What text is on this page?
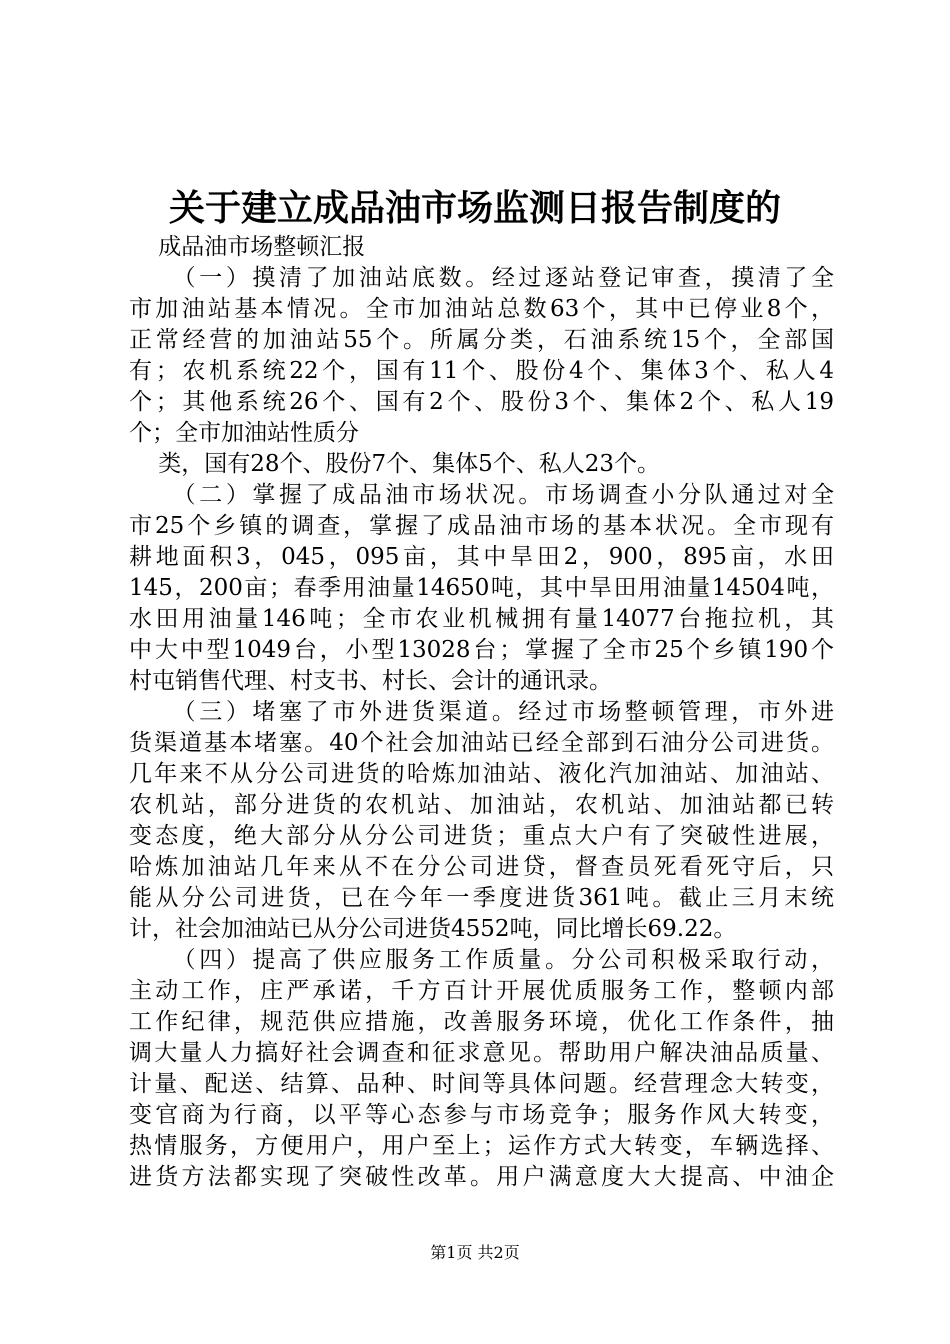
关于建立成品油市场监测日报告制度的
成品油市场整顿汇报
（一）摸清了加油站底数。经过逐站登记审查，摸清了全
市加油站基本情况。全市加油站总数63个，其中已停业8个，
正常经营的加油站55个。所属分类，石油系统15个，全部国
有；农机系统22个，国有11个、股份4个、集体3个、私人4
个；其他系统26个、国有2个、股份3个、集体2个、私人19
个；全市加油站性质分
类，国有28个、股份7个、集体5个、私人23个。
（二）掌握了成品油市场状况。市场调查小分队通过对全
市25个乡镇的调查，掌握了成品油市场的基本状况。全市现有
耕地面积3，045，095亩，其中旱田2，900，895亩，水田
145，200亩；春季用油量14650吨，其中旱田用油量14504吨，
水田用油量146吨；全市农业机械拥有量14077台拖拉机，其
中大中型1049台，小型13028台；掌握了全市25个乡镇190个
村屯销售代理、村支书、村长、会计的通讯录。
（三）堵塞了市外进货渠道。经过市场整顿管理，市外进
货渠道基本堵塞。40个社会加油站已经全部到石油分公司进货。
几年来不从分公司进货的哈炼加油站、液化汽加油站、加油站、
农机站，部分进货的农机站、加油站，农机站、加油站都已转
变态度，绝大部分从分公司进货；重点大户有了突破性进展，
哈炼加油站几年来从不在分公司进贷，督查员死看死守后，只
能从分公司进货，已在今年一季度进货361吨。截止三月末统
计，社会加油站已从分公司进货4552吨，同比增长69.22。
（四）提高了供应服务工作质量。分公司积极采取行动，
主动工作，庄严承诺，千方百计开展优质服务工作，整顿内部
工作纪律，规范供应措施，改善服务环境，优化工作条件，抽
调大量人力搞好社会调查和征求意见。帮助用户解决油品质量、
计量、配送、结算、品种、时间等具体问题。经营理念大转变，
变官商为行商，以平等心态参与市场竞争；服务作风大转变，
热情服务，方便用户，用户至上；运作方式大转变，车辆选择、
进货方法都实现了突破性改革。用户满意度大大提高、中油企
第1页 共2页
